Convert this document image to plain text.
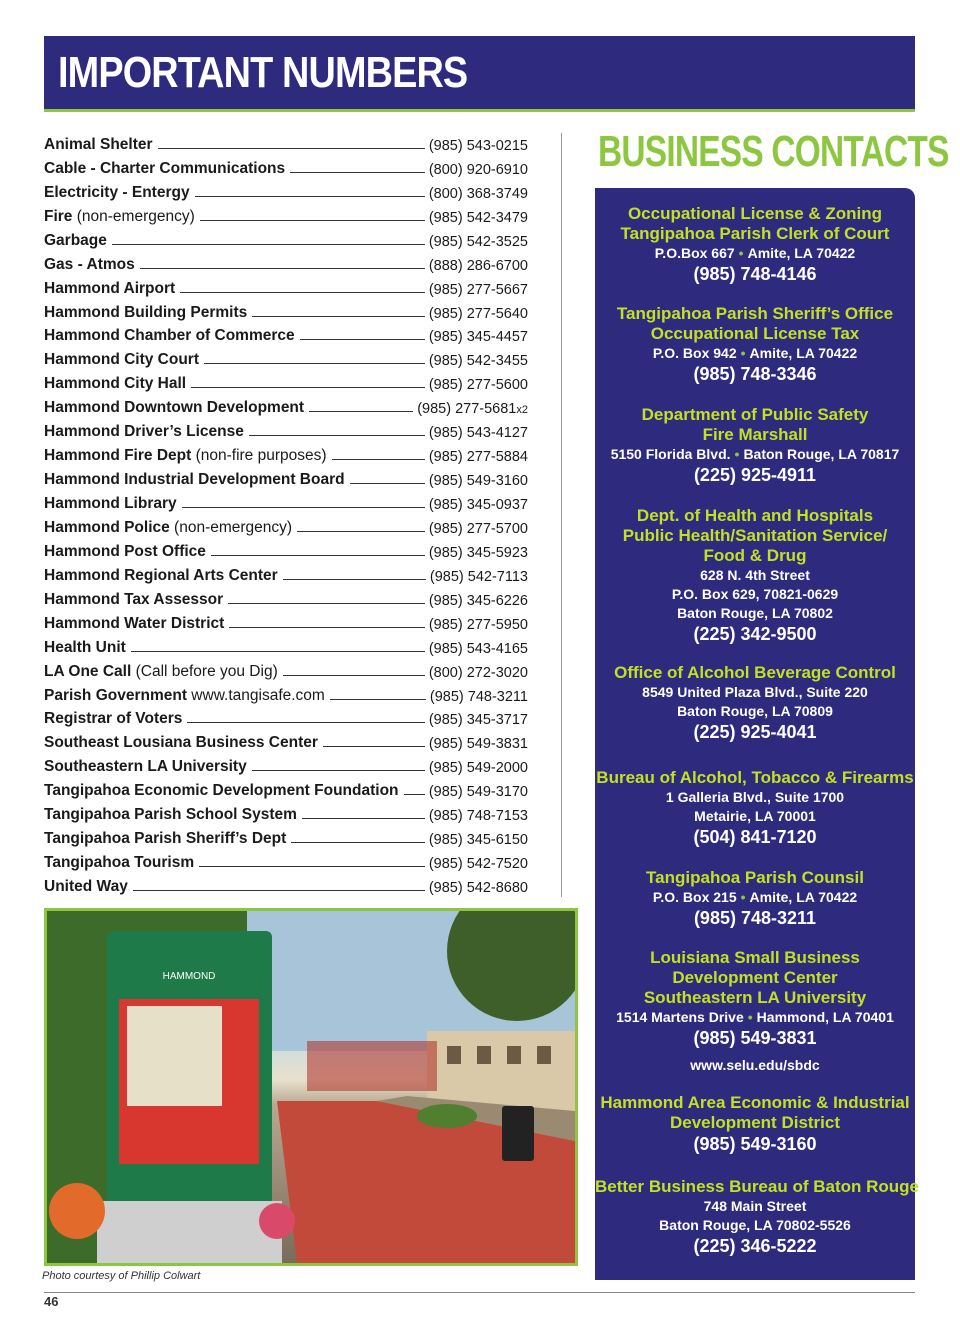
IMPORTANT NUMBERS
Animal Shelter	(985) 543-0215
Cable - Charter Communications	(800) 920-6910
Electricity - Entergy	(800) 368-3749
Fire (non-emergency)	(985) 542-3479
Garbage	(985) 542-3525
Gas - Atmos	(888) 286-6700
Hammond Airport	(985) 277-5667
Hammond Building Permits	(985) 277-5640
Hammond Chamber of Commerce	(985) 345-4457
Hammond City Court	(985) 542-3455
Hammond City Hall	(985) 277-5600
Hammond Downtown Development	(985) 277-5681x2
Hammond Driver’s License	(985) 543-4127
Hammond Fire Dept (non-fire purposes)	(985) 277-5884
Hammond Industrial Development Board	(985) 549-3160
Hammond Library	(985) 345-0937
Hammond Police (non-emergency)	(985) 277-5700
Hammond Post Office	(985) 345-5923
Hammond Regional Arts Center	(985) 542-7113
Hammond Tax Assessor	(985) 345-6226
Hammond Water District	(985) 277-5950
Health Unit	(985) 543-4165
LA One Call (Call before you Dig)	(800) 272-3020
Parish Government www.tangisafe.com	(985) 748-3211
Registrar of Voters	(985) 345-3717
Southeast Lousiana Business Center	(985) 549-3831
Southeastern LA University	(985) 549-2000
Tangipahoa Economic Development Foundation (985) 549-3170
Tangipahoa Parish School System	(985) 748-7153
Tangipahoa Parish Sheriff’s Dept	(985) 345-6150
Tangipahoa Tourism	(985) 542-7520
United Way	(985) 542-8680
BUSINESS CONTACTS
Occupational License & Zoning
Tangipahoa Parish Clerk of Court
P.O.Box 667 • Amite, LA 70422
(985) 748-4146
Tangipahoa Parish Sheriff’s Office
Occupational License Tax
P.O. Box 942 • Amite, LA 70422
(985) 748-3346
Department of Public Safety
Fire Marshall
5150 Florida Blvd. • Baton Rouge, LA 70817
(225) 925-4911
Dept. of Health and Hospitals
Public Health/Sanitation Service/
Food & Drug
628 N. 4th Street
P.O. Box 629, 70821-0629
Baton Rouge, LA 70802
(225) 342-9500
Office of Alcohol Beverage Control
8549 United Plaza Blvd., Suite 220
Baton Rouge, LA 70809
(225) 925-4041
Bureau of Alcohol, Tobacco & Firearms
1 Galleria Blvd., Suite 1700
Metairie, LA 70001
(504) 841-7120
Tangipahoa Parish Counsil
P.O. Box 215 • Amite, LA 70422
(985) 748-3211
Louisiana Small Business
Development Center
Southeastern LA University
1514 Martens Drive • Hammond, LA 70401
(985) 549-3831
www.selu.edu/sbdc
Hammond Area Economic & Industrial
Development District
(985) 549-3160
Better Business Bureau of Baton Rouge
748 Main Street
Baton Rouge, LA 70802-5526
(225) 346-5222
HAMMOND
Photo courtesy of Phillip Colwart
46
